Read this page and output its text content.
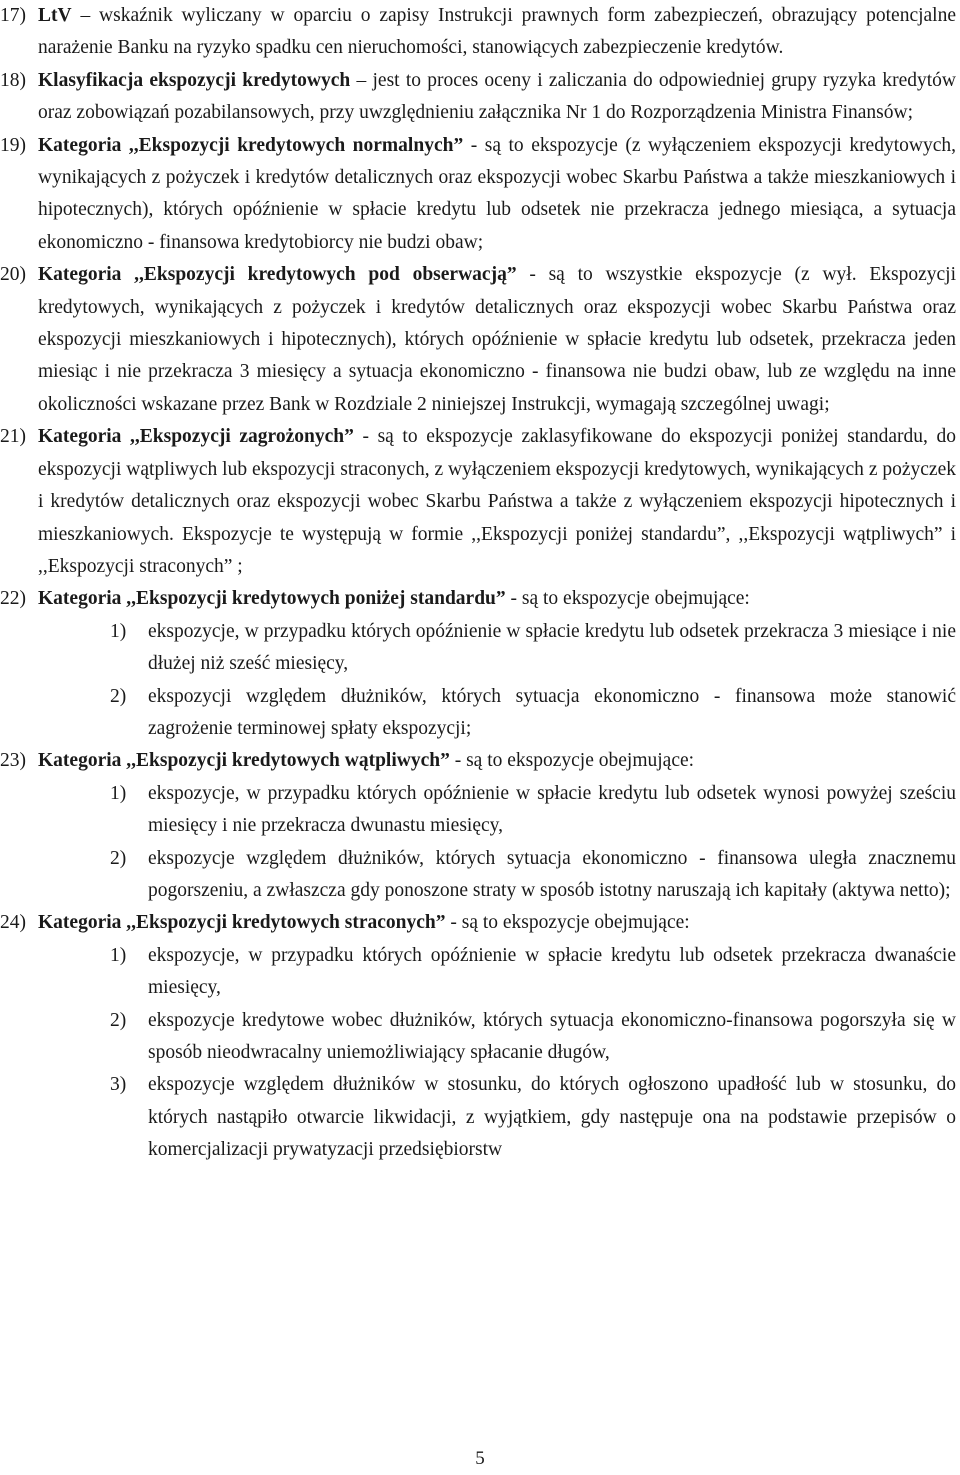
17) LtV – wskaźnik wyliczany w oparciu o zapisy Instrukcji prawnych form zabezpieczeń, obrazujący potencjalne narażenie Banku na ryzyko spadku cen nieruchomości, stanowiących zabezpieczenie kredytów.
18) Klasyfikacja ekspozycji kredytowych – jest to proces oceny i zaliczania do odpowiedniej grupy ryzyka kredytów oraz zobowiązań pozabilansowych, przy uwzględnieniu załącznika Nr 1 do Rozporządzenia Ministra Finansów;
19) Kategoria ,,Ekspozycji kredytowych normalnych” - są to ekspozycje (z wyłączeniem ekspozycji kredytowych, wynikających z pożyczek i kredytów detalicznych oraz ekspozycji wobec Skarbu Państwa a także mieszkaniowych i hipotecznych), których opóźnienie w spłacie kredytu lub odsetek nie przekracza jednego miesiąca, a sytuacja ekonomiczno - finansowa kredytobiorcy nie budzi obaw;
20) Kategoria ,,Ekspozycji kredytowych pod obserwacją” - są to wszystkie ekspozycje (z wył. Ekspozycji kredytowych, wynikających z pożyczek i kredytów detalicznych oraz ekspozycji wobec Skarbu Państwa oraz ekspozycji mieszkaniowych i hipotecznych), których opóźnienie w spłacie kredytu lub odsetek, przekracza jeden miesiąc i nie przekracza 3 miesięcy a sytuacja ekonomiczno - finansowa nie budzi obaw, lub ze względu na inne okoliczności wskazane przez Bank w Rozdziale 2 niniejszej Instrukcji, wymagają szczególnej uwagi;
21) Kategoria ,,Ekspozycji zagrożonych” - są to ekspozycje zaklasyfikowane do ekspozycji poniżej standardu, do ekspozycji wątpliwych lub ekspozycji straconych, z wyłączeniem ekspozycji kredytowych, wynikających z pożyczek i kredytów detalicznych oraz ekspozycji wobec Skarbu Państwa a także z wyłączeniem ekspozycji hipotecznych i mieszkaniowych. Ekspozycje te występują w formie ,,Ekspozycji poniżej standardu”, ,,Ekspozycji wątpliwych” i ,,Ekspozycji straconych” ;
22) Kategoria ,,Ekspozycji kredytowych poniżej standardu” - są to ekspozycje obejmujące:
1) ekspozycje, w przypadku których opóźnienie w spłacie kredytu lub odsetek przekracza 3 miesiące i nie dłużej niż sześć miesięcy,
2) ekspozycji względem dłużników, których sytuacja ekonomiczno - finansowa może stanowić zagrożenie terminowej spłaty ekspozycji;
23) Kategoria ,,Ekspozycji kredytowych wątpliwych” - są to ekspozycje obejmujące:
1) ekspozycje, w przypadku których opóźnienie w spłacie kredytu lub odsetek wynosi powyżej sześciu miesięcy i nie przekracza dwunastu miesięcy,
2) ekspozycje względem dłużników, których sytuacja ekonomiczno - finansowa uległa znacznemu pogorszeniu, a zwłaszcza gdy ponoszone straty w sposób istotny naruszają ich kapitały (aktywa netto);
24) Kategoria ,,Ekspozycji kredytowych straconych” - są to ekspozycje obejmujące:
1) ekspozycje, w przypadku których opóźnienie w spłacie kredytu lub odsetek przekracza dwanaście miesięcy,
2) ekspozycje kredytowe wobec dłużników, których sytuacja ekonomiczno-finansowa pogorszyła się w sposób nieodwracalny uniemożliwiający spłacanie długów,
3) ekspozycje względem dłużników w stosunku, do których ogłoszono upadłość lub w stosunku, do których nastąpiło otwarcie likwidacji, z wyjątkiem, gdy następuje ona na podstawie przepisów o komercjalizacji prywatyzacji przedsiębiorstw
5
